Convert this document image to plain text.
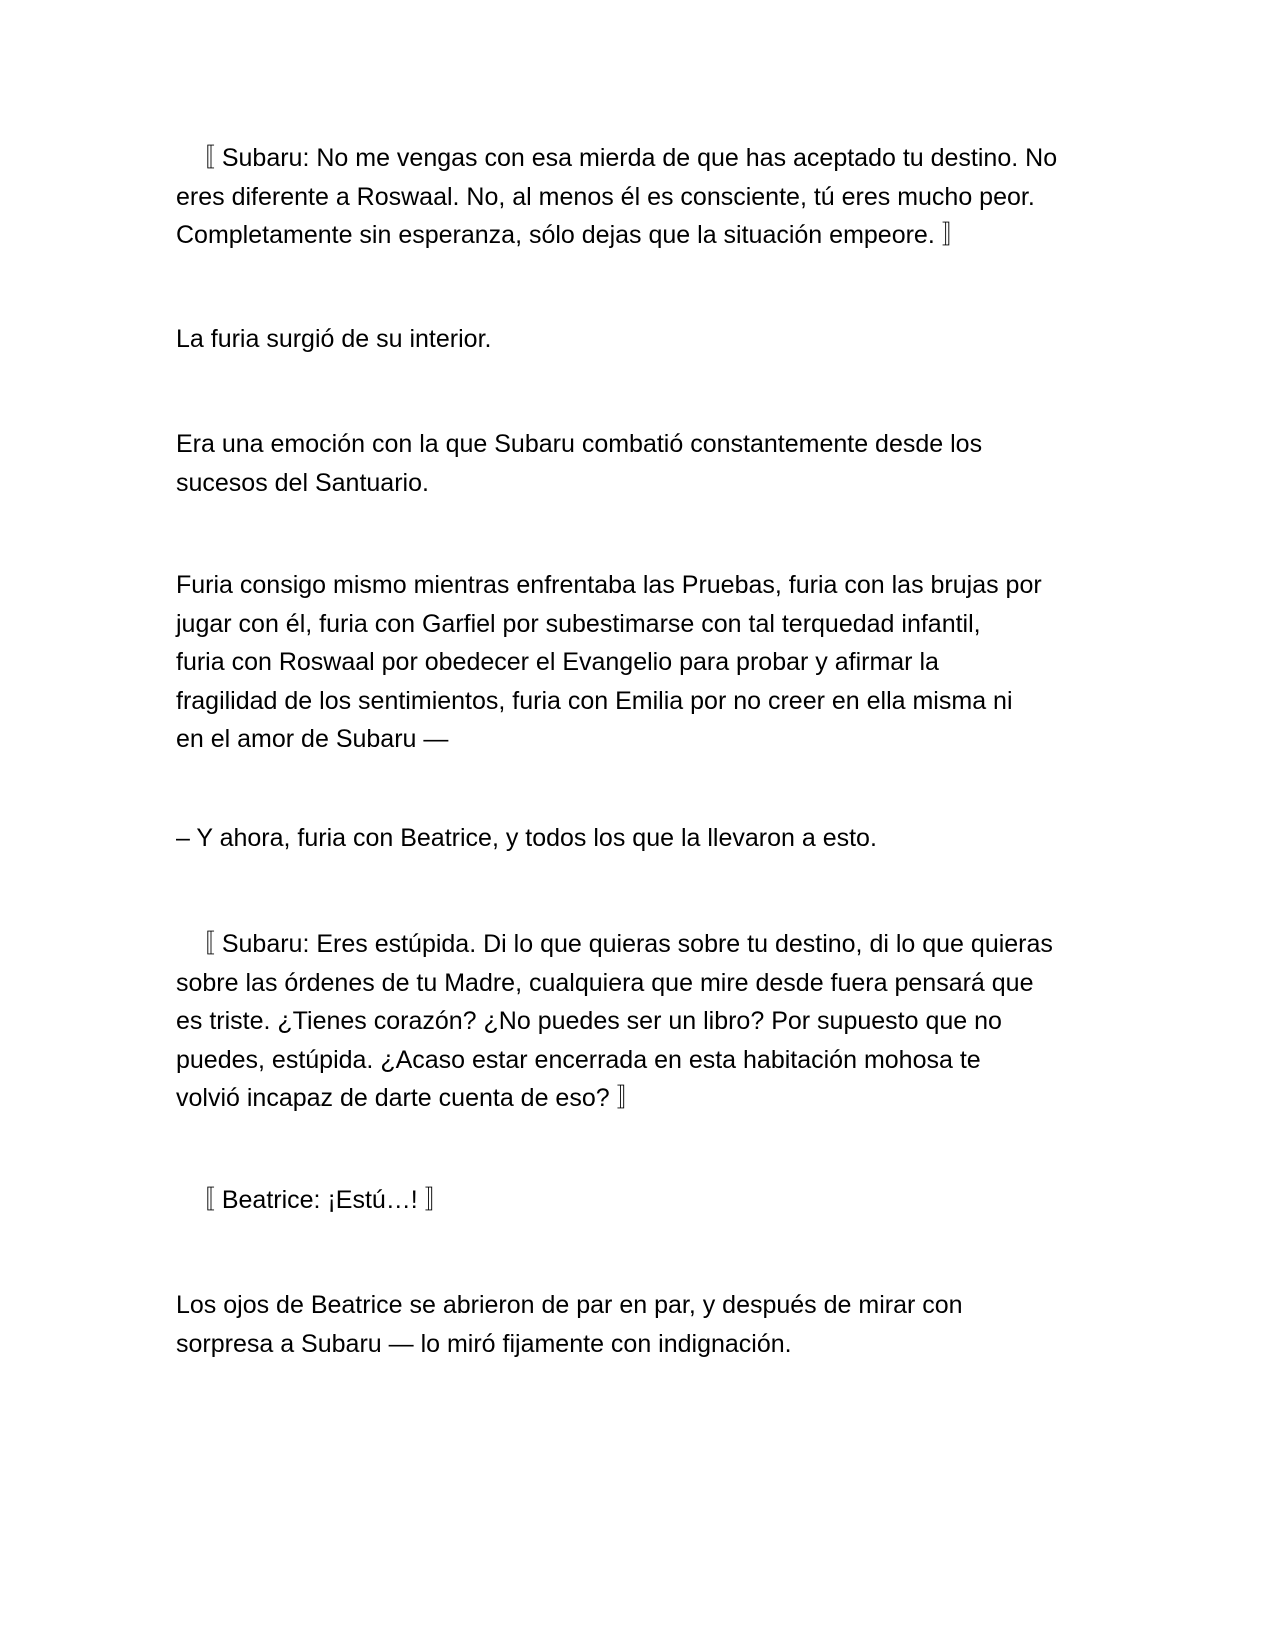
〚 Subaru: No me vengas con esa mierda de que has aceptado tu destino. No
eres diferente a Roswaal. No, al menos él es consciente, tú eres mucho peor.
Completamente sin esperanza, sólo dejas que la situación empeore. 〛

La furia surgió de su interior.

Era una emoción con la que Subaru combatió constantemente desde los
sucesos del Santuario.

Furia consigo mismo mientras enfrentaba las Pruebas, furia con las brujas por
jugar con él, furia con Garfiel por subestimarse con tal terquedad infantil,
furia con Roswaal por obedecer el Evangelio para probar y afirmar la
fragilidad de los sentimientos, furia con Emilia por no creer en ella misma ni
en el amor de Subaru —

– Y ahora, furia con Beatrice, y todos los que la llevaron a esto.

〚 Subaru: Eres estúpida. Di lo que quieras sobre tu destino, di lo que quieras
sobre las órdenes de tu Madre, cualquiera que mire desde fuera pensará que
es triste. ¿Tienes corazón? ¿No puedes ser un libro? Por supuesto que no
puedes, estúpida. ¿Acaso estar encerrada en esta habitación mohosa te
volvió incapaz de darte cuenta de eso? 〛

〚 Beatrice: ¡Estú…! 〛

Los ojos de Beatrice se abrieron de par en par, y después de mirar con
sorpresa a Subaru — lo miró fijamente con indignación.
